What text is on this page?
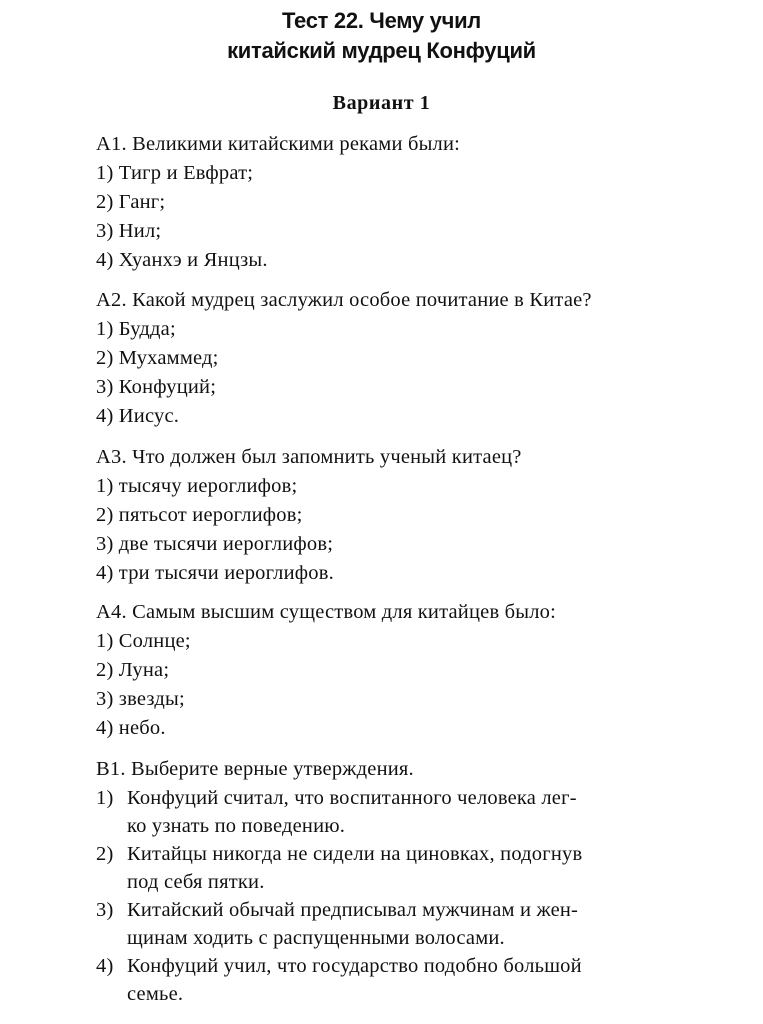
Тест 22. Чему учил
китайский мудрец Конфуций
Вариант 1
А1. Великими китайскими реками были:
1) Тигр и Евфрат;
2) Ганг;
3) Нил;
4) Хуанхэ и Янцзы.
А2. Какой мудрец заслужил особое почитание в Китае?
1) Будда;
2) Мухаммед;
3) Конфуций;
4) Иисус.
А3. Что должен был запомнить ученый китаец?
1) тысячу иероглифов;
2) пятьсот иероглифов;
3) две тысячи иероглифов;
4) три тысячи иероглифов.
А4. Самым высшим существом для китайцев было:
1) Солнце;
2) Луна;
3) звезды;
4) небо.
В1. Выберите верные утверждения.
1) Конфуций считал, что воспитанного человека лег-
ко узнать по поведению.
2) Китайцы никогда не сидели на циновках, подогнув
под себя пятки.
3) Китайский обычай предписывал мужчинам и жен-
щинам ходить с распущенными волосами.
4) Конфуций учил, что государство подобно большой
семье.
